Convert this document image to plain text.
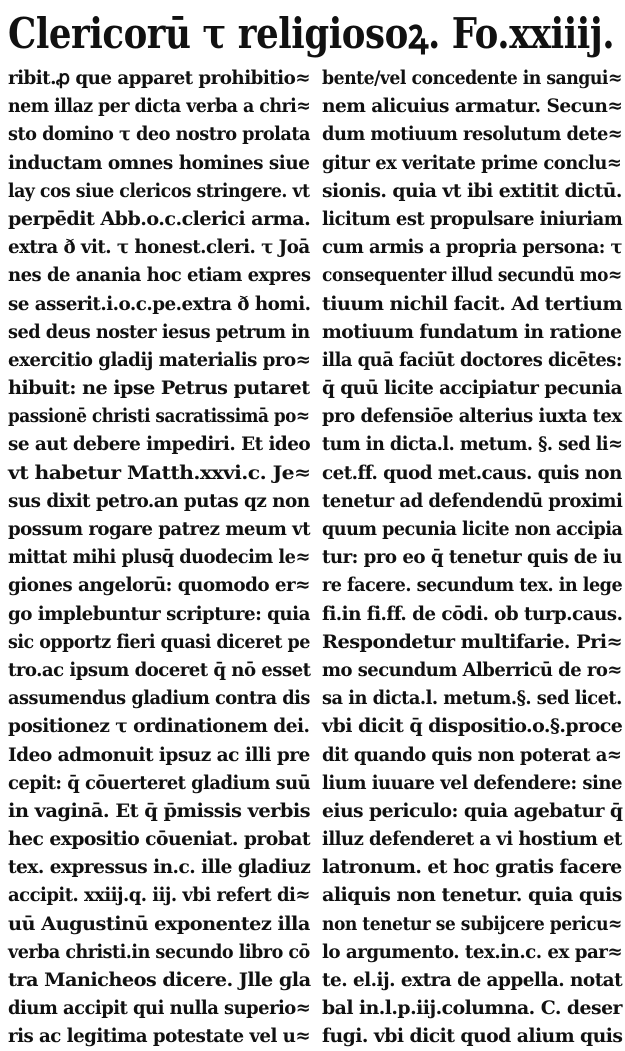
Clericorū τ religiosoꝝ. Fo.xxiiij.
ribit.ꝓ que apparet prohibitio≈
nem illaz per dicta verba a chri≈
sto domino τ deo nostro prolata
inductam omnes homines siue
lay cos siue clericos stringere. vt
perpēdit Abb.o.c.clerici arma.
extra ð vit. τ honest.cleri. τ Joā
nes de anania hoc etiam expres
se asserit.i.o.c.pe.extra ð homi.
sed deus noster iesus petrum in
exercitio gladij materialis pro≈
hibuit: ne ipse Petrus putaret
passionē christi sacratissimā po≈
se aut debere impediri. Et ideo
vt habetur Matth.xxvi.c. Je≈
sus dixit petro.an putas qz non
possum rogare patrez meum vt
mittat mihi plusq̄ duodecim le≈
giones angelorū: quomodo er≈
go implebuntur scripture: quia
sic opportz fieri quasi diceret pe
tro.ac ipsum doceret q̄ nō esset
assumendus gladium contra dis
positionez τ ordinationem dei.
Ideo admonuit ipsuz ac illi pre
cepit: q̄ cōuerteret gladium suū
in vaginā. Et q̄ p̄missis verbis
hec expositio cōueniat. probat
tex. expressus in.c. ille gladiuz
accipit. xxiij.q. iij. vbi refert di≈
uū Augustinū exponentez illa
verba christi.in secundo libro cō
tra Manicheos dicere. Jlle gla
dium accipit qui nulla superio≈
ris ac legitima potestate vel u≈
bente/vel concedente in sangui≈
nem alicuius armatur. Secun≈
dum motiuum resolutum dete≈
gitur ex veritate prime conclu≈
sionis. quia vt ibi extitit dictū.
licitum est propulsare iniuriam
cum armis a propria persona: τ
consequenter illud secundū mo≈
tiuum nichil facit. Ad tertium
motiuum fundatum in ratione
illa quā faciūt doctores dicētes:
q̄ quū licite accipiatur pecunia
pro defensiōe alterius iuxta tex
tum in dicta.l. metum. §. sed li≈
cet.ff. quod met.caus. quis non
tenetur ad defendendū proximi
quum pecunia licite non accipia
tur: pro eo q̄ tenetur quis de iu
re facere. secundum tex. in lege
fi.in fi.ff. de cōdi. ob turp.caus.
Respondetur multifarie. Pri≈
mo secundum Alberricū de ro≈
sa in dicta.l. metum.§. sed licet.
vbi dicit q̄ dispositio.o.§.proce
dit quando quis non poterat a≈
lium iuuare vel defendere: sine
eius periculo: quia agebatur q̄
illuz defenderet a vi hostium et
latronum. et hoc gratis facere
aliquis non tenetur. quia quis
non tenetur se subijcere pericu≈
lo argumento. tex.in.c. ex par≈
te. el.ij. extra de appella. notat
bal in.l.p.iij.columna. C. deser
fugi. vbi dicit quod alium quis
